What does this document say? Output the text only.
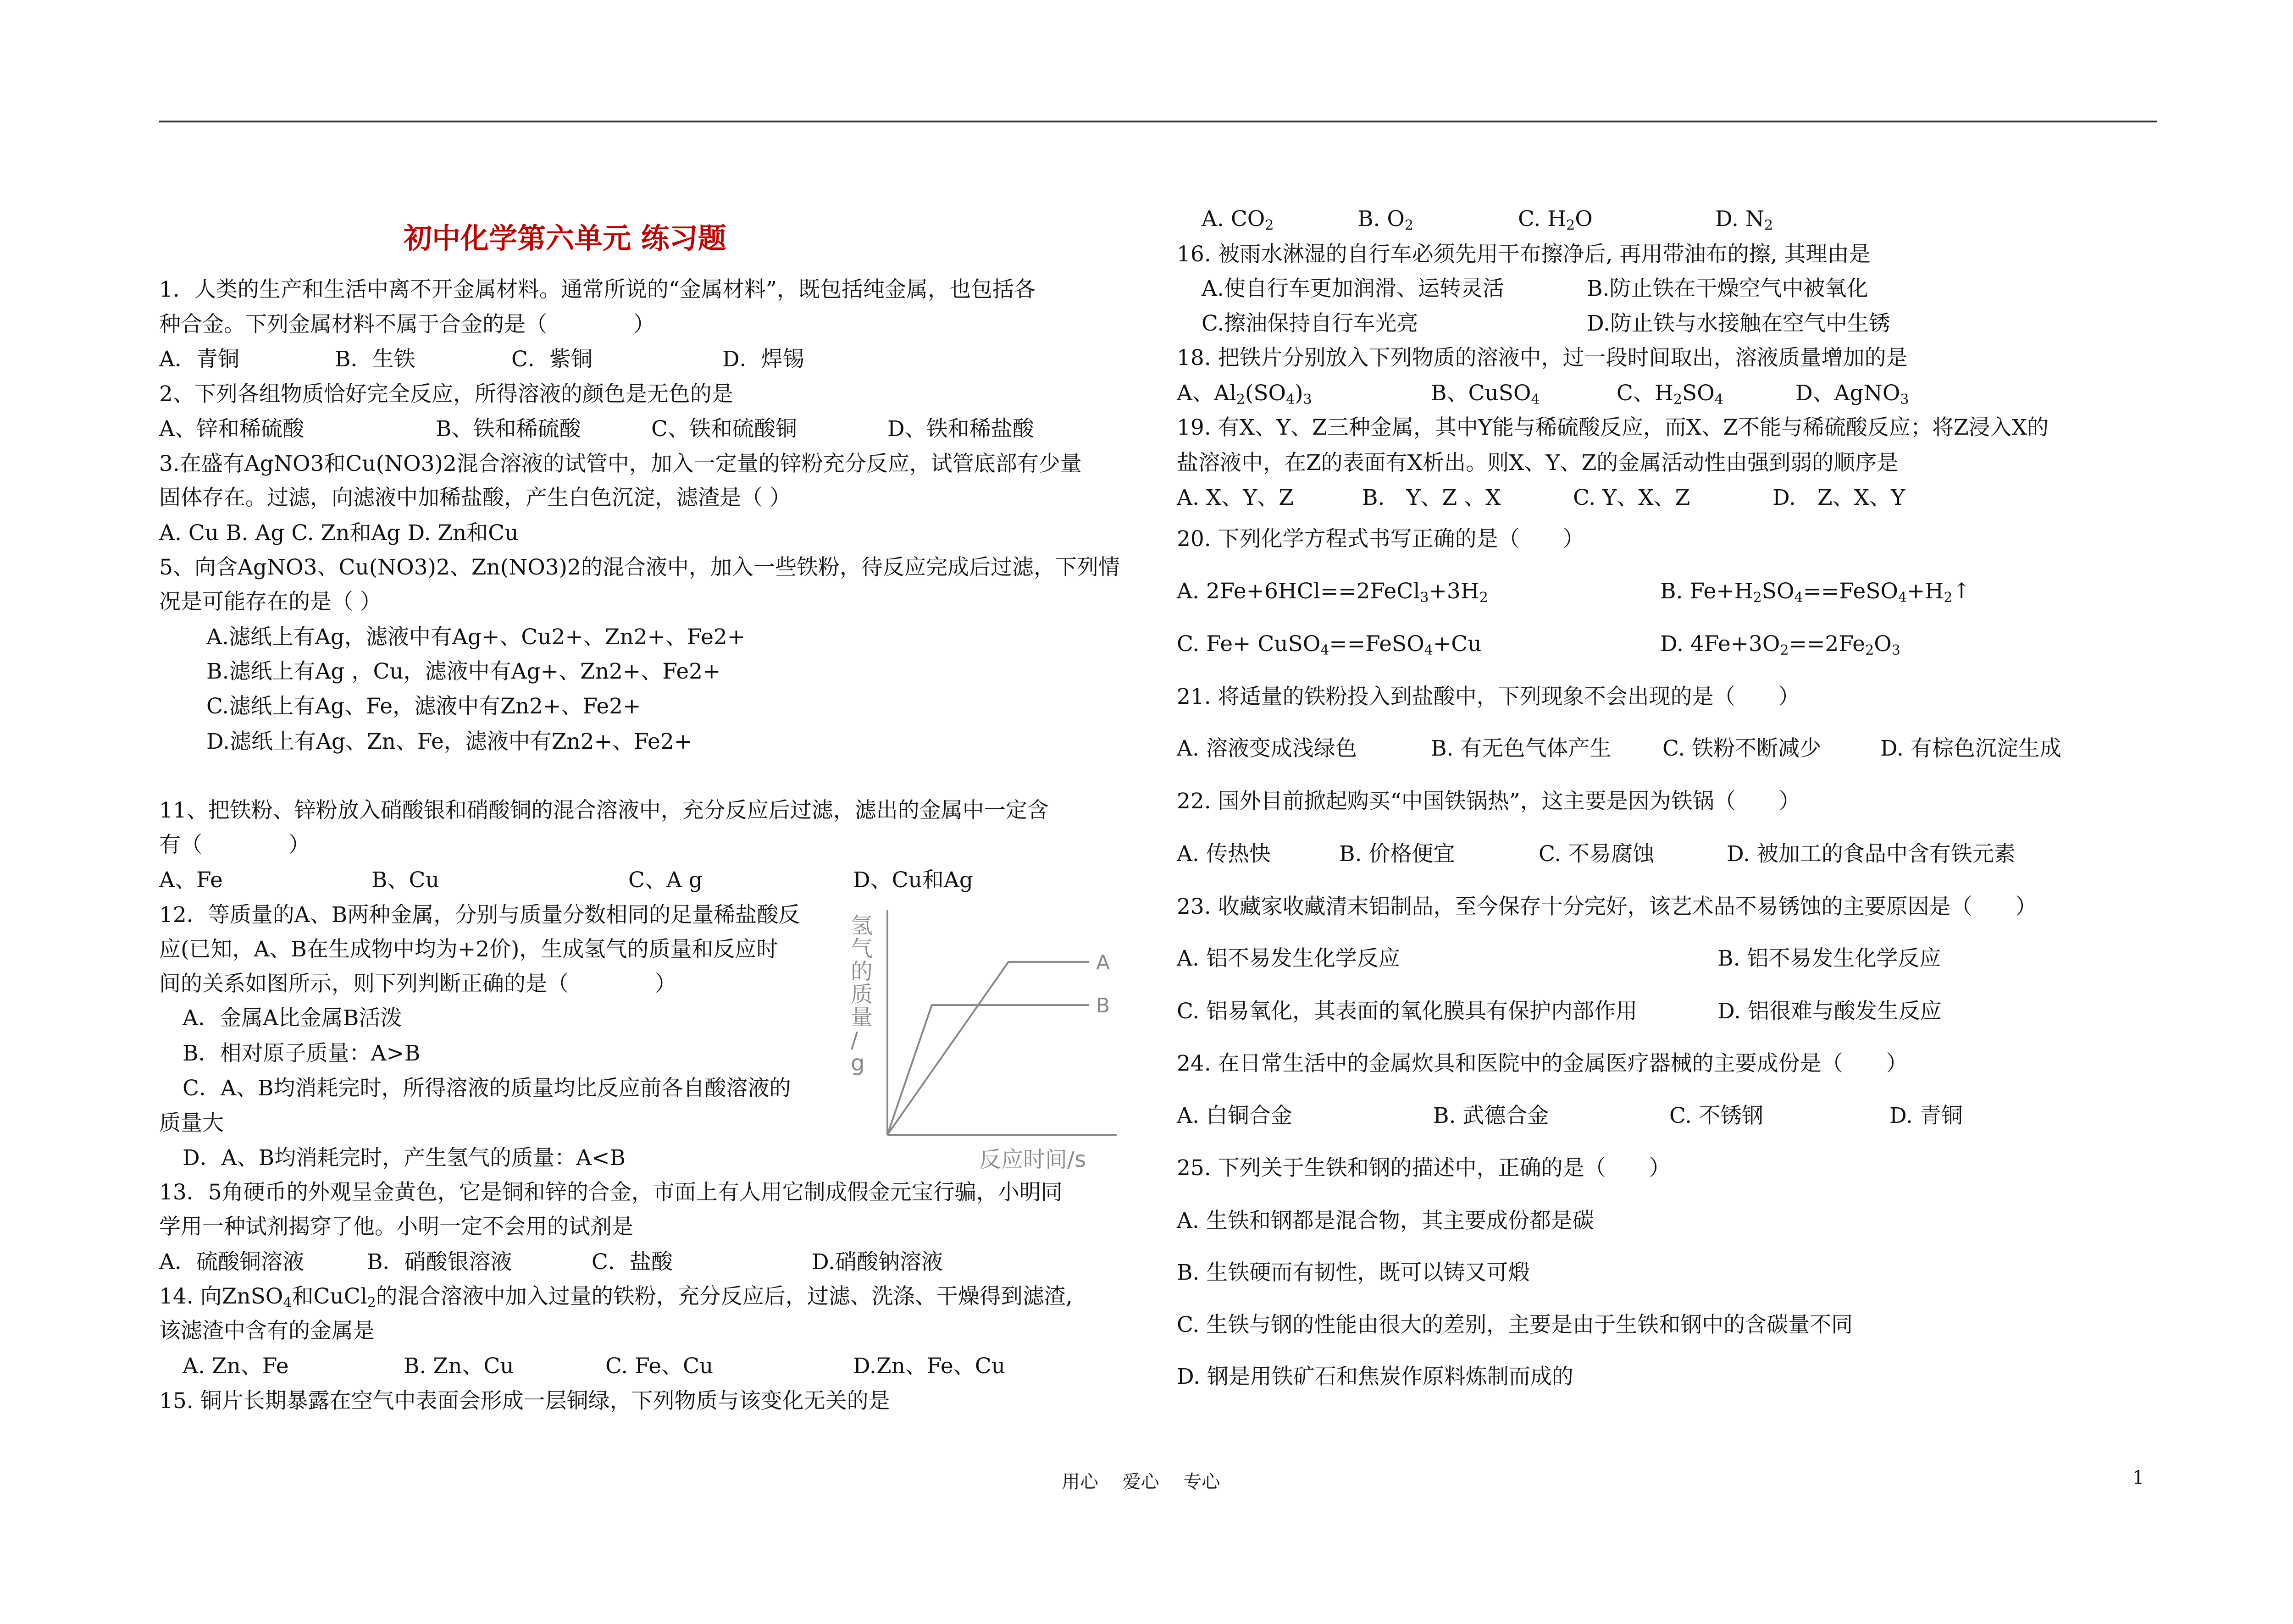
初中化学第六单元 练习题
1．人类的生产和生活中离不开金属材料。通常所说的“金属材料”，既包括纯金属，也包括各
种合金。下列金属材料不属于合金的是（　　　　）
A．青铜	B．生铁	C．紫铜	D．焊锡
2、下列各组物质恰好完全反应，所得溶液的颜色是无色的是
A、锌和稀硫酸	B、铁和稀硫酸	C、铁和硫酸铜	D、铁和稀盐酸
3.在盛有AgNO3和Cu(NO3)2混合溶液的试管中，加入一定量的锌粉充分反应，试管底部有少量
固体存在。过滤，向滤液中加稀盐酸，产生白色沉淀，滤渣是（ ）
A. Cu B. Ag C. Zn和Ag D. Zn和Cu
5、向含AgNO3、Cu(NO3)2、Zn(NO3)2的混合液中，加入一些铁粉，待反应完成后过滤，下列情
况是可能存在的是（ ）
A.滤纸上有Ag，滤液中有Ag+、Cu2+、Zn2+、Fe2+
B.滤纸上有Ag ，Cu，滤液中有Ag+、Zn2+、Fe2+
C.滤纸上有Ag、Fe，滤液中有Zn2+、Fe2+
D.滤纸上有Ag、Zn、Fe，滤液中有Zn2+、Fe2+
11、把铁粉、锌粉放入硝酸银和硝酸铜的混合溶液中，充分反应后过滤，滤出的金属中一定含
有（　　　　）
A、Fe	B、Cu	C、A g	D、Cu和Ag
12．等质量的A、B两种金属，分别与质量分数相同的足量稀盐酸反
应(已知，A、B在生成物中均为+2价)，生成氢气的质量和反应时
间的关系如图所示，则下列判断正确的是（　　　　）
A．金属A比金属B活泼
B．相对原子质量：A>B
C．A、B均消耗完时，所得溶液的质量均比反应前各自酸溶液的
质量大
D．A、B均消耗完时，产生氢气的质量：A<B
13．5角硬币的外观呈金黄色，它是铜和锌的合金，市面上有人用它制成假金元宝行骗，小明同
学用一种试剂揭穿了他。小明一定不会用的试剂是
A．硫酸铜溶液	B．硝酸银溶液	C．盐酸	D.硝酸钠溶液
14. 向ZnSO$_4$和CuCl$_2$的混合溶液中加入过量的铁粉，充分反应后，过滤、洗涤、干燥得到滤渣,
该滤渣中含有的金属是
A. Zn、Fe	B. Zn、Cu	C. Fe、Cu	D.Zn、Fe、Cu
15. 铜片长期暴露在空气中表面会形成一层铜绿，下列物质与该变化无关的是
氢
气
的
质
量
/
g
反应时间/s
A
B
A. $CO_2$	B. $O_2$	C. $H_2O$	D. $N_2$
16. 被雨水淋湿的自行车必须先用干布擦净后, 再用带油布的擦, 其理由是
A.使自行车更加润滑、运转灵活	B.防止铁在干燥空气中被氧化
C.擦油保持自行车光亮	D.防止铁与水接触在空气中生锈
18. 把铁片分别放入下列物质的溶液中，过一段时间取出，溶液质量增加的是
A、$Al_2(SO_4)_3$	B、CuSO$_4$	C、$H_2SO_4$	D、AgNO$_3$
19. 有X、Y、Z三种金属，其中Y能与稀硫酸反应，而X、Z不能与稀硫酸反应；将Z浸入X的
盐溶液中，在Z的表面有X析出。则X、Y、Z的金属活动性由强到弱的顺序是
A. X、Y、Z	B.　Y、Z 、X	C. Y、X、Z	D.　Z、X、Y
20. 下列化学方程式书写正确的是（　　）
A. $2Fe+6HCl==2FeCl_3+3H_2$	B. $Fe+H_2SO_4==FeSO_4+H_2↑$
C. Fe+ CuSO$_4$==FeSO$_4$+Cu	D. $4Fe+3O_2==2Fe_2O_3$
21. 将适量的铁粉投入到盐酸中，下列现象不会出现的是（　　）
A. 溶液变成浅绿色	B. 有无色气体产生 C. 铁粉不断减少	D. 有棕色沉淀生成
22. 国外目前掀起购买“中国铁锅热”，这主要是因为铁锅（　　）
A. 传热快	B. 价格便宜	C. 不易腐蚀	D. 被加工的食品中含有铁元素
23. 收藏家收藏清末铝制品，至今保存十分完好，该艺术品不易锈蚀的主要原因是（　　）
A. 铝不易发生化学反应	B. 铝不易发生化学反应
C. 铝易氧化，其表面的氧化膜具有保护内部作用	D. 铝很难与酸发生反应
24. 在日常生活中的金属炊具和医院中的金属医疗器械的主要成份是（　　）
A. 白铜合金	B. 武德合金	C. 不锈钢	D. 青铜
25. 下列关于生铁和钢的描述中，正确的是（　　）
A. 生铁和钢都是混合物，其主要成份都是碳
B. 生铁硬而有韧性，既可以铸又可煅
C. 生铁与钢的性能由很大的差别，主要是由于生铁和钢中的含碳量不同
D. 钢是用铁矿石和焦炭作原料炼制而成的
用心　 爱心　 专心	1
